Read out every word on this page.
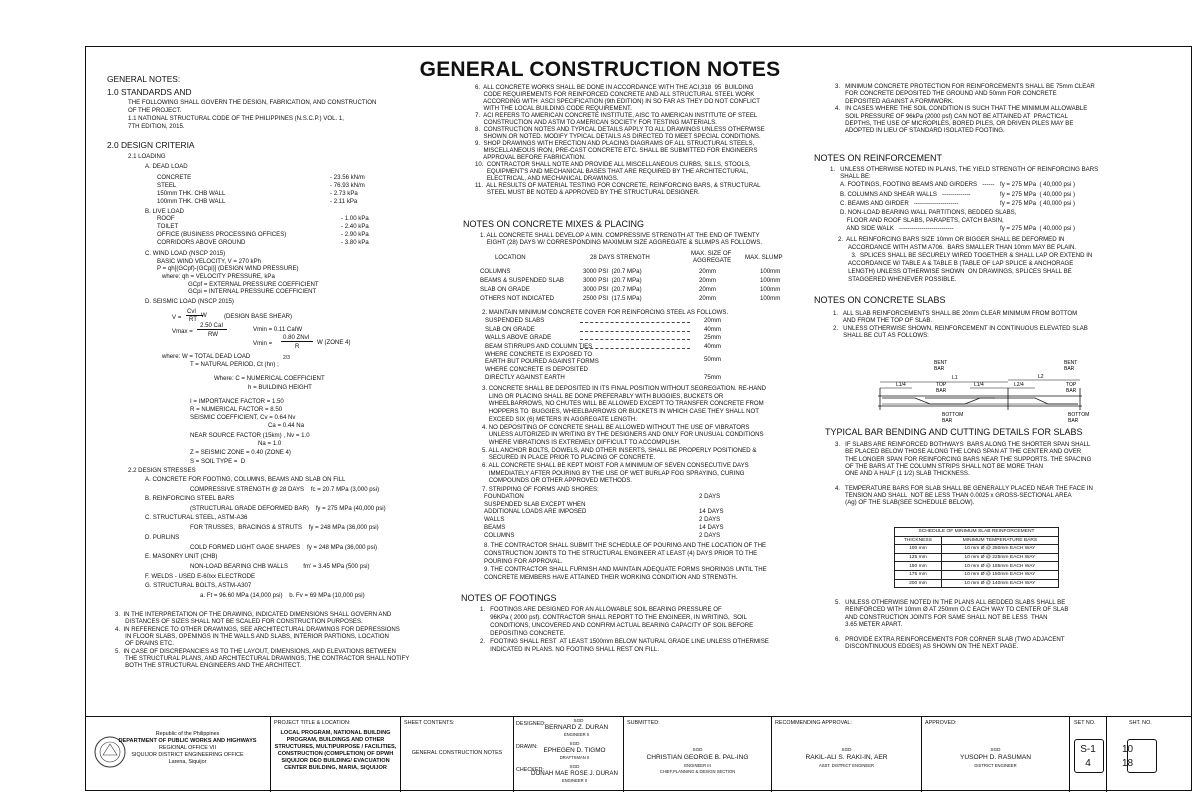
GENERAL CONSTRUCTION NOTES
GENERAL NOTES:
1.0 STANDARDS AND
THE FOLLOWING SHALL GOVERN THE DESIGN, FABRICATION, AND CONSTRUCTION
OF THE PROJECT.
1.1 NATIONAL STRUCTURAL CODE OF THE PHILIPPINES (N.S.C.P.) VOL. 1,
7TH EDITION, 2015.
2.0 DESIGN CRITERIA
2.1 LOADING
A. DEAD LOAD
CONCRETE	- 23.56 kN/m
STEEL	- 76.93 kN/m
150mm THK. CHB WALL	- 2.73 kPa
100mm THK. CHB WALL	- 2.11 kPa
B. LIVE LOAD
ROOF	- 1.00 kPa
TOILET	- 2.40 kPa
OFFICE (BUSINESS PROCESSING OFFICES)	- 2.90 kPa
CORRIDORS ABOVE GROUND	- 3.80 kPa
C. WIND LOAD (NSCP 2015)
BASIC WIND VELOCITY, V = 270 kPh
P = qh[(GCpf)-(GCpi)] (DESIGN WIND PRESSURE)
where: qh = VELOCITY PRESSURE, kPa
GCpf = EXTERNAL PRESSURE COEFFICIENT
GCpi = INTERNAL PRESSURE COEFFICIENT
D. SEISMIC LOAD (NSCP 2015)
V =
Cvl
RT
W	(DESIGN BASE SHEAR)
Vmax =
2.50 CaI
RW
Vmin = 0.11 CaIW
Vmin =
0.80 ZNvI
R
W (ZONE 4)
where: W = TOTAL DEAD LOAD	2/3
T = NATURAL PERIOD, Ct (hn) ;
Where: C = NUMERICAL COEFFICIENT
h = BUILDING HEIGHT
I = IMPORTANCE FACTOR = 1.50
R = NUMERICAL FACTOR = 8.50
SEISMIC COEFFICIENT, Cv = 0.64 Nv
Ca = 0.44 Na
NEAR SOURCE FACTOR (15km) , Nv = 1.0
Na = 1.0
Z = SEISMIC ZONE = 0.40 (ZONE 4)
S = SOIL TYPE =  D
2.2 DESIGN STRESSES
A. CONCRETE FOR FOOTING, COLUMNS, BEAMS AND SLAB ON FILL
COMPRESSIVE STRENGTH @ 28 DAYS    fc = 20.7 MPa (3,000 psi)
B. REINFORCING STEEL BARS
(STRUCTURAL GRADE DEFORMED BAR)    fy = 275 MPa (40,000 psi)
C. STRUCTURAL STEEL, ASTM-A36
FOR TRUSSES,  BRACINGS & STRUTS    fy = 248 MPa (36,000 psi)
D. PURLINS
COLD FORMED LIGHT GAGE SHAPES    fy = 248 MPa (36,000 psi)
E. MASONRY UNIT (CHB)
NON-LOAD BEARING CHB WALLS         fm' = 3.45 MPa (500 psi)
F. WELDS - USED E-60xx ELECTRODE
G. STRUCTURAL BOLTS, ASTM-A307
a. Ft = 96.60 MPa (14,000 psi)    b. Fv = 69 MPa (10,000 psi)
3.  IN THE INTERPRETATION OF THE DRAWING, INDICATED DIMENSIONS SHALL GOVERN AND
DISTANCES OF SIZES SHALL NOT BE SCALED FOR CONSTRUCTION PURPOSES.
4.  IN REFERENCE TO OTHER DRAWINGS, SEE ARCHITECTURAL DRAWINGS FOR DEPRESSIONS
IN FLOOR SLABS, OPENINGS IN THE WALLS AND SLABS, INTERIOR PARTIONS, LOCATION
OF DRAINS ETC.
5.  IN CASE OF DISCREPANCIES AS TO THE LAYOUT, DIMENSIONS, AND ELEVATIONS BETWEEN
THE STRUCTURAL PLANS, AND ARCHITECTURAL DRAWINGS, THE CONTRACTOR SHALL NOTIFY
BOTH THE STRUCTURAL ENGINEERS AND THE ARCHITECT.
6.  ALL CONCRETE WORKS SHALL BE DONE IN ACCORDANCE WITH THE ACI,318  95  BUILDING
CODE REQUIREMENTS FOR REINFORCED CONCRETE AND ALL STRUCTURAL STEEL WORK
ACCORDING WITH  ASCI SPECIFICATION (9th EDITION) IN SO FAR AS THEY DO NOT CONFLICT
WITH THE LOCAL BUILDING CODE REQUIREMENT.
7.  ACI REFERS TO AMERICAN CONCRETE INSTITUTE, AISC TO AMERICAN INSTITUTE OF STEEL
CONSTRUCTION AND ASTM TO AMERICAN SOCIETY FOR TESTING MATERIALS.
8.  CONSTRUCTION NOTES AND TYPICAL DETAILS APPLY TO ALL DRAWINGS UNLESS OTHERWISE
SHOWN OR NOTED. MODIFY TYPICAL DETAILS AS DIRECTED TO MEET SPECIAL CONDITIONS.
9.  SHOP DRAWINGS WITH ERECTION AND PLACING DIAGRAMS OF ALL STRUCTURAL STEELS,
MISCELLANEOUS IRON, PRE-CAST CONCRETE ETC. SHALL BE SUBMITTED FOR ENGINEERS
APPROVAL BEFORE FABRICATION.
10.  CONTRACTOR SHALL NOTE AND PROVIDE ALL MISCELLANEOUS CURBS, SILLS, STOOLS,
EQUIPMENT'S AND MECHANICAL BASES THAT ARE REQUIRED BY THE ARCHITECTURAL,
ELECTRICAL, AND MECHANICAL DRAWINGS.
11.  ALL RESULTS OF MATERIAL TESTING FOR CONCRETE, REINFORCING BARS, & STRUCTURAL
STEEL MUST BE NOTED & APPROVED BY THE STRUCTURAL DESIGNER.
NOTES ON CONCRETE MIXES & PLACING
1. ALL CONCRETE SHALL DEVELOP A MIN. COMPRESSIVE STRENGTH AT THE END OF TWENTY
EIGHT (28) DAYS W/ CORRESPONDING MAXIMUM SIZE AGGREGATE & SLUMPS AS FOLLOWS.
LOCATION	28 DAYS STRENGTH
MAX. SIZE OF
AGGREGATE MAX. SLUMP
COLUMNS	3000 PSI  (20.7 MPa)	20mm	100mm
BEAMS & SUSPENDED SLAB	3000 PSI  (20.7 MPa)	20mm	100mm
SLAB ON GRADE	3000 PSI  (20.7 MPa)	20mm	100mm
OTHERS NOT INDICATED	2500 PSI  (17.5 MPa)	20mm	100mm
2. MAINTAIN MINIMUM CONCRETE COVER FOR REINFORCING STEEL AS FOLLOWS.
SUSPENDED SLABS	20mm
SLAB ON GRADE	40mm
WALLS ABOVE GRADE	25mm
BEAM STIRRUPS AND COLUMN TIES	40mm
WHERE CONCRETE IS EXPOSED TO
EARTH BUT POURED AGAINST FORMS	50mm
WHERE CONCRETE IS DEPOSITED
DIRECTLY AGAINST EARTH	75mm
3. CONCRETE SHALL BE DEPOSITED IN ITS FINAL POSITION WITHOUT SEGREGATION. RE-HAND
LING OR PLACING SHALL BE DONE PREFERABLY WITH BUGGIES, BUCKETS OR
WHEELBARROWS, NO CHUTES WILL BE ALLOWED EXCEPT TO TRANSFER CONCRETE FROM
HOPPERS TO  BUGGIES, WHEELBARROWS OR BUCKETS IN WHICH CASE THEY SHALL NOT
EXCEED SIX (6) METERS IN AGGREGATE LENGTH.
4. NO DEPOSITING OF CONCRETE SHALL BE ALLOWED WITHOUT THE USE OF VIBRATORS
UNLESS AUTORIZED IN WRITING BY THE DESIGNERS AND ONLY FOR UNUSUAL CONDITIONS
WHERE VIBRATIONS IS EXTREMELY DIFFICULT TO ACCOMPLISH.
5. ALL ANCHOR BOLTS, DOWELS, AND OTHER INSERTS, SHALL BE PROPERLY POSITIONED &
SECURED IN PLACE PRIOR TO PLACING OF CONCRETE.
6. ALL CONCRETE SHALL BE KEPT MOIST FOR A MINIMUM OF SEVEN CONSECUTIVE DAYS
IMMEDIATELY AFTER POURING BY THE USE OF WET BURLAP FOG SPRAYING, CURING
COMPOUNDS OR OTHER APPROVED METHODS.
7. STRIPPING OF FORMS AND SHORES:
FOUNDATION	2 DAYS
SUSPENDED SLAB EXCEPT WHEN
ADDITIONAL LOADS ARE IMPOSED	14 DAYS
WALLS	2 DAYS
BEAMS	14 DAYS
COLUMNS	2 DAYS
8. THE CONTRACTOR SHALL SUBMIT THE SCHEDULE OF POURING AND THE LOCATION OF THE
CONSTRUCTION JOINTS TO THE STRUCTURAL ENGINEER AT LEAST (4) DAYS PRIOR TO THE
POURING FOR APPROVAL.
9. THE CONTRACTOR SHALL FURNISH AND MAINTAIN ADEQUATE FORMS SHORINGS UNTIL THE
CONCRETE MEMBERS HAVE ATTAINED THEIR WORKING CONDITION AND STRENGTH.
NOTES OF FOOTINGS
1.   FOOTINGS ARE DESIGNED FOR AN ALLOWABLE SOIL BEARING PRESSURE OF
96KPa ( 2000 psf). CONTRACTOR SHALL REPORT TO THE ENGINEER, IN WRITING,  SOIL
CONDITIONS, UNCOVERED AND CONFIRM ACTUAL BEARING CAPACITY OF SOIL BEFORE
DEPOSITING CONCRETE.
2.   FOOTING SHALL REST  AT LEAST 1500mm BELOW NATURAL GRADE LINE UNLESS OTHERMISE
INDICATED IN PLANS. NO FOOTING SHALL REST ON FILL.
3.   MINIMUM CONCRETE PROTECTION FOR REINFORCEMENTS SHALL BE 75mm CLEAR
FOR CONCRETE DEPOSITED THE GROUND AND 50mm FOR CONCRETE
DEPOSITED AGAINST A FORMWORK.
4.   IN CASES WHERE THE SOIL CONDITION IS SUCH THAT THE MINIMUM ALLOWABLE
SOIL PRESSURE OF 96kPa (2000 psf) CAN NOT BE ATTAINED AT  PRACTICAL
DEPTHS, THE USE OF MICROPILES, BORED PILES, OR DRIVEN PILES MAY BE
ADOPTED IN LIEU OF STANDARD ISOLATED FOOTING.
NOTES ON REINFORCEMENT
1.   UNLESS OTHERWISE NOTED IN PLANS, THE YIELD STRENGTH OF REINFORCING BARS
SHALL BE:
A. FOOTINGS, FOOTING BEAMS AND GIRDERS   ------ fy = 275 MPa  ( 40,000 psi )
B. COLUMNS AND SHEAR WALLS   --------------	fy = 275 MPa  ( 40,000 psi )
C. BEAMS AND GIRDER   ----------------------	fy = 275 MPa  ( 40,000 psi )
D. NON-LOAD BEARING WALL PARTITIONS, BEDDED SLABS,
FLOOR AND ROOF SLABS, PARAPETS, CATCH BASIN,
AND SIDE WALK   ---------------------------	fy = 275 MPa  ( 40,000 psi )
2.  ALL REINFORCING BARS SIZE 10mm OR BIGGER SHALL BE DEFORMED IN
ACCORDANCE WITH ASTM A706.  BARS SMALLER THAN 10mm MAY BE PLAIN.
3.  SPLICES SHALL BE SECURELY WIRED TOGETHER & SHALL LAP OR EXTEND IN
ACCORDANCE W/ TABLE A & TABLE B (TABLE OF LAP SPLICE & ANCHORAGE
LENGTH) UNLESS OTHERWISE SHOWN  ON DRAWINGS, SPLICES SHALL BE
STAGGERED WHENEVER POSSIBLE.
NOTES ON CONCRETE SLABS
1.   ALL SLAB REINFORCEMENTS SHALL BE 20mm CLEAR MINIMUM FROM BOTTOM
AND FROM THE TOP OF SLAB.
2.   UNLESS OTHERWISE SHOWN, REINFORCEMENT IN CONTINUOUS ELEVATED SLAB
SHALL BE CUT AS FOLLOWS:
TYPICAL BAR BENDING AND CUTTING DETAILS FOR SLABS
3.   IF SLABS ARE REINFORCED BOTHWAYS  BARS ALONG THE SHORTER SPAN SHALL
BE PLACED BELOW THOSE ALONG THE LONG SPAN AT THE CENTER AND OVER
THE LONGER SPAN FOR REINFORCING BARS NEAR THE SUPPORTS. THE SPACING
OF THE BARS AT THE COLUMN STRIPS SHALL NOT BE MORE THAN
ONE AND A HALF (1 1/2) SLAB THICKNESS.
4.   TEMPERATURE BARS FOR SLAB SHALL BE GENERALLY PLACED NEAR THE FACE IN
TENSION AND SHALL  NOT BE LESS THAN 0.0025 x GROSS-SECTIONAL AREA
(Ag) OF THE SLAB(SEE SCHEDULE BELOW).
5.   UNLESS OTHERWISE NOTED IN THE PLANS ALL BEDDED SLABS SHALL BE
REINFORCED WITH 10mm Ø AT 250mm O.C EACH WAY TO CENTER OF SLAB
AND CONSTRUCTION JOINTS FOR SAME SHALL NOT BE LESS  THAN
3.65 METER APART.
6.   PROVIDE EXTRA REINFORCEMENTS FOR CORNER SLAB (TWO ADJACENT
DISCONTINUOUS EDGES) AS SHOWN ON THE NEXT PAGE.
BENT
BAR
BENT
BAR
L1	L2
L1/4	L1/4	L2/4
TOP
BAR
TOP
BAR
BOTTOM
BAR
BOTTOM
BAR
SCHEDULE OF MINIMUM SLAB REINFORCEMENT	
THICKNESS	MINIMUM TEMPERATURE BARS
100 mm	10 mm Ø @ 250mm EACH WAY
125 mm	10 mm Ø @ 225mm EACH WAY
150 mm	10 mm Ø @ 185mm EACH WAY
175 mm	10 mm Ø @ 150mm EACH WAY
200 mm	10 mm Ø @ 140mm EACH WAY
Republic of the Philippines
DEPARTMENT OF PUBLIC WORKS AND HIGHWAYS
REGIONAL OFFICE VII
SIQUIJOR DISTRICT ENGINEERING OFFICE
Larena, Siquijor
PROJECT TITLE & LOCATION:
LOCAL PROGRAM, NATIONAL BUILDING
PROGRAM, BUILDINGS AND OTHER
STRUCTURES, MULTIPURPOSE / FACILITIES,
CONSTRUCTION (COMPLETION) OF DPWH
SIQUIJOR DEO BUILDING/ EVACUATION
CENTER BUILDING, MARIA, SIQUIJOR
SHEET CONTENTS:
GENERAL CONSTRUCTION NOTES
DESIGNED:
SGD
BERNARD Z. DURAN
ENGINEER II
DRAWN:
SGD
EPHEGEN D. TIGMO
DRAFTSMAN II
CHECKED:
SGD
DONAH MAE ROSE J. DURAN
ENGINEER II
SUBMITTED:
SGD
CHRISTIAN GEORGE B. PAL-ING
ENGINEER III
CHIEF,PLANNING & DESIGN SECTION
RECOMMENDING APPROVAL:
SGD
RAKIL-ALI S. RAKI-IN, AER
ASST. DISTRICT ENGINEER
APPROVED:
SGD
YUSOPH D. RASUMAN
DISTRICT ENGINEER
SET NO.
S-1
4
SHT. NO.
10
18
